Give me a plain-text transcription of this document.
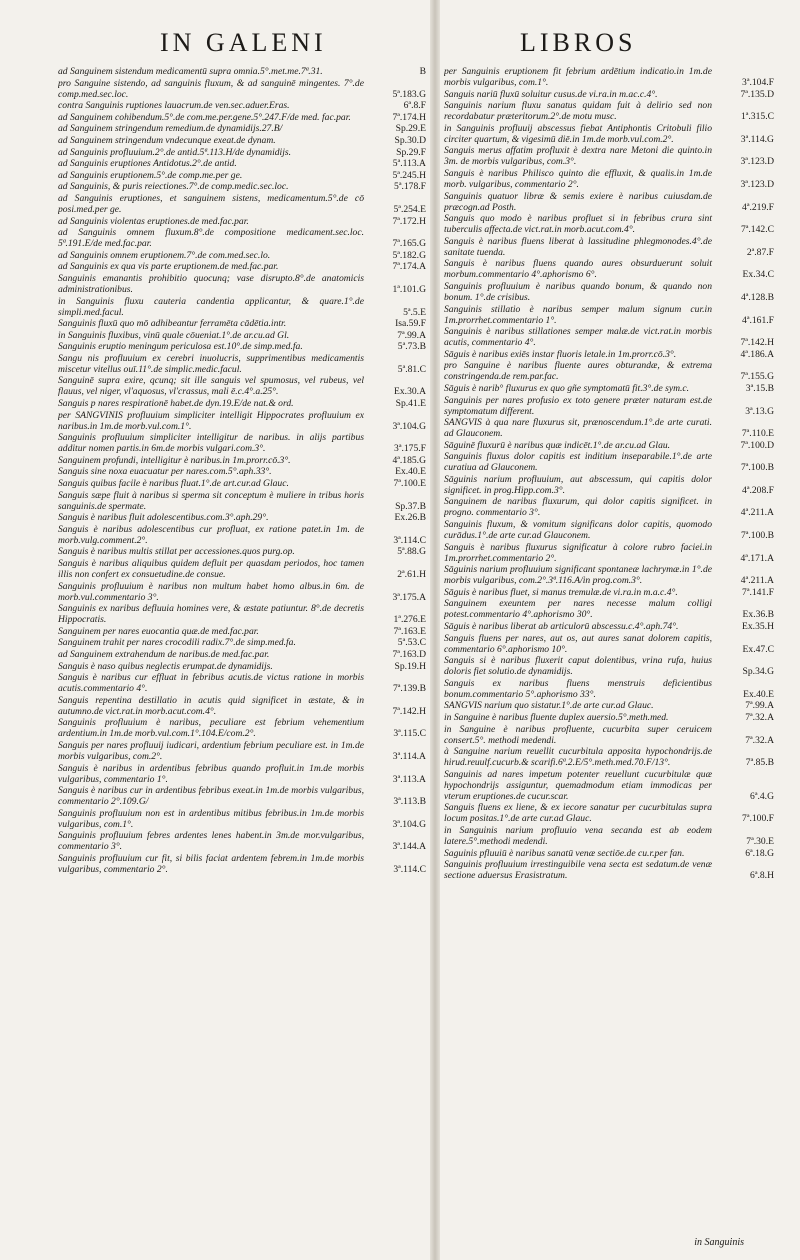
IN GALENI	LIBROS
ad Sanguinem sistendum medicamentū supra omnia.5°.met.me.7ª.31.	B
pro Sanguine sistendo, ad sanguinis fluxum, & ad sanguinē mingentes. 7°.de comp.med.sec.loc.	5ª.183.G
contra Sanguinis ruptiones lauacrum.de ven.sec.aduer.Eras.	6ª.8.F
ad Sanguinem cohibendum.5°.de com.me.per.gene.5°.247.F/de med. fac.par.	7ª.174.H
ad Sanguinem stringendum remedium.de dynamidijs.27.B/	Sp.29.E
ad Sanguinem stringendum vndecunque exeat.de dynam.	Sp.30.D
ad Sanguinis profluuium.2°.de antid.5ª.113.H/de dynamidijs.	Sp.29.F
ad Sanguinis eruptiones Antidotus.2°.de antid.	5ª.113.A
ad Sanguinis eruptionem.5°.de comp.me.per ge.	5ª.245.H
ad Sanguinis, & puris reiectiones.7°.de comp.medic.sec.loc.	5ª.178.F
ad Sanguinis eruptiones, et sanguinem sistens, medicamentum.5°.de cō posi.med.per ge.	5ª.254.E
ad Sanguinis violentas eruptiones.de med.fac.par.	7ª.172.H
ad Sanguinis omnem fluxum.8°.de compositione medicament.sec.loc. 5ª.191.E/de med.fac.par.	7ª.165.G
ad Sanguinis omnem eruptionem.7°.de com.med.sec.lo.	5ª.182.G
ad Sanguinis ex qua vis parte eruptionem.de med.fac.par.	7ª.174.A
Sanguinis emanantis prohibitio quocunq; vase disrupto.8°.de anatomicis administrationibus.	1ª.101.G
in Sanguinis fluxu cauteria candentia applicantur, & quare.1°.de simpli.med.facul.	5ª.5.E
Sanguinis fluxū quo mō adhibeantur ferramēta cādētia.intr.	Isa.59.F
in Sanguinis fluxibus, vinū quale cōueniat.1°.de ar.cu.ad Gl.	7ª.99.A
Sanguinis eruptio meningum periculosa est.10°.de simp.med.fa.	5ª.73.B
Sangu nis profluuium ex cerebri inuolucris, supprimentibus medicamentis miscetur vitellus ouī.11°.de simplic.medic.facul.	5ª.81.C
Sanguinē supra exire, qcunq; sit ille sanguis vel spumosus, vel rubeus, vel flauus, vel niger, vl'aquosus, vl'crassus, mali ē.c.4°.a.25°.	Ex.30.A
Sanguis p nares respirationē habet.de dyn.19.E/de nat.& ord.	Sp.41.E
per SANGVINIS profluuium simpliciter intelligit Hippocrates profluuium ex naribus.in 1m.de morb.vul.com.1°.	3ª.104.G
Sanguinis profluuium simpliciter intelligitur de naribus. in alijs partibus additur nomen partis.in 6m.de morbis vulgari.com.3°.	3ª.175.F
Sanguinem profundi, intelligitur è naribus.in 1m.prorr.cō.3°.	4ª.185.G
Sanguis sine noxa euacuatur per nares.com.5°.aph.33°.	Ex.40.E
Sanguis quibus facile è naribus fluat.1°.de art.cur.ad Glauc.	7ª.100.E
Sanguis sæpe fluit à naribus si sperma sit conceptum è muliere in tribus horis sanguinis.de spermate.	Sp.37.B
Sanguis è naribus fluit adolescentibus.com.3°.aph.29°.	Ex.26.B
Sanguis è naribus adolescentibus cur profluat, ex ratione patet.in 1m. de morb.vulg.comment.2°.	3ª.114.C
Sanguis è naribus multis stillat per accessiones.quos purg.op.	5ª.88.G
Sanguis è naribus aliquibus quidem defluit per quasdam periodos, hoc tamen illis non confert ex consuetudine.de consue.	2ª.61.H
Sanguinis profluuium è naribus non multum habet homo albus.in 6m. de morb.vul.commentario 3°.	3ª.175.A
Sanguinis ex naribus defluuia homines vere, & æstate patiuntur. 8°.de decretis Hippocratis.	1ª.276.E
Sanguinem per nares euocantia quæ.de med.fac.par.	7ª.163.E
Sanguinem trahit per nares crocodili radix.7°.de simp.med.fa.	5ª.53.C
ad Sanguinem extrahendum de naribus.de med.fac.par.	7ª.163.D
Sanguis è naso quibus neglectis erumpat.de dynamidijs.	Sp.19.H
Sanguis è naribus cur effluat in febribus acutis.de victus ratione in morbis acutis.commentario 4°.	7ª.139.B
Sanguis repentina destillatio in acutis quid significet in æstate, & in autumno.de vict.rat.in morb.acut.com.4°.	7ª.142.H
Sanguinis profluuium è naribus, peculiare est febrium vehementium ardentium.in 1m.de morb.vul.com.1°.104.E/com.2°.	3ª.115.C
Sanguis per nares profluuij iudicari, ardentium febrium peculiare est. in 1m.de morbis vulgaribus, com.2°.	3ª.114.A
Sanguis è naribus in ardentibus febribus quando profluit.in 1m.de morbis vulgaribus, commentario 1°.	3ª.113.A
Sanguis è naribus cur in ardentibus febribus exeat.in 1m.de morbis vulgaribus, commentario 2°.109.G/	3ª.113.B
Sanguinis profluuium non est in ardentibus mitibus febribus.in 1m.de morbis vulgaribus, com.1°.	3ª.104.G
Sanguinis profluuium febres ardentes lenes habent.in 3m.de mor.vulgaribus, commentario 3°.	3ª.144.A
Sanguinis profluuium cur fit, si bilis faciat ardentem febrem.in 1m.de morbis vulgaribus, commentario 2°.	3ª.114.C
per Sanguinis eruptionem fit febrium ardētium indicatio.in 1m.de morbis vulgaribus, com.1°.	3ª.104.F
Sanguis nariū fluxū soluitur cusus.de vi.ra.in m.ac.c.4°.	7ª.135.D
Sanguinis narium fluxu sanatus quidam fuit à delirio sed non recordabatur præteritorum.2°.de motu musc.	1ª.315.C
in Sanguinis profluuij abscessus fiebat Antiphontis Critobuli filio circiter quartum, & vigesimū diē.in 1m.de morb.vul.com.2°.	3ª.114.G
Sanguis merus affatim profluxit è dextra nare Metoni die quinto.in 3m. de morbis vulgaribus, com.3°.	3ª.123.D
Sanguis è naribus Philisco quinto die effluxit, & qualis.in 1m.de morb. vulgaribus, commentario 2°.	3ª.123.D
Sanguinis quatuor libræ & semis exiere è naribus cuiusdam.de præcogn.ad Posth.	4ª.219.F
Sanguis quo modo è naribus profluet si in febribus crura sint tuberculis affecta.de vict.rat.in morb.acut.com.4°.	7ª.142.C
Sanguis è naribus fluens liberat à lassitudine phlegmonodes.4°.de sanitate tuenda.	2ª.87.F
Sanguis è naribus fluens quando aures obsurduerunt soluit morbum.commentario 4°.aphorismo 6°.	Ex.34.C
Sanguinis profluuium è naribus quando bonum, & quando non bonum. 1°.de crisibus.	4ª.128.B
Sanguinis stillatio è naribus semper malum signum cur.in 1m.prorrhet.commentario 1°.	4ª.161.F
Sanguinis è naribus stillationes semper malæ.de vict.rat.in morbis acutis, commentario 4°.	7ª.142.H
Sāguis è naribus exiēs instar fluoris letale.in 1m.prorr.cō.3°.	4ª.186.A
pro Sanguine è naribus fluente aures obturandæ, & extrema constringenda.de rem.par.fac.	7ª.155.G
Sāguis è narib° fluxurus ex quo gñe symptomatū fit.3°.de sym.c.	3ª.15.B
Sanguinis per nares profusio ex toto genere præter naturam est.de symptomatum different.	3ª.13.G
SANGVIS à qua nare fluxurus sit, prænoscendum.1°.de arte curati. ad Glauconem.	7ª.110.E
Sāguinē fluxurū è naribus quæ indicēt.1°.de ar.cu.ad Glau.	7ª.100.D
Sanguinis fluxus dolor capitis est inditium inseparabile.1°.de arte curatiua ad Glauconem.	7ª.100.B
Sāguinis narium profluuium, aut abscessum, qui capitis dolor significet. in prog.Hipp.com.3°.	4ª.208.F
Sanguinem de naribus fluxurum, qui dolor capitis significet. in progno. commentario 3°.	4ª.211.A
Sanguinis fluxum, & vomitum significans dolor capitis, quomodo curādus.1°.de arte cur.ad Glauconem.	7ª.100.B
Sanguis è naribus fluxurus significatur à colore rubro faciei.in 1m.prorrhet.commentario 2°.	4ª.171.A
Sāguinis narium profluuium significant spontaneæ lachrymæ.in 1°.de morbis vulgaribus, com.2°.3ª.116.A/in prog.com.3°.	4ª.211.A
Sāguis è naribus fluet, si manus tremulæ.de vi.ra.in m.a.c.4°.	7ª.141.F
Sanguinem exeuntem per nares necesse malum colligi potest.commentario 4°.aphorismo 30°.	Ex.36.B
Sāguis è naribus liberat ab articulorū abscessu.c.4°.aph.74°.	Ex.35.H
Sanguis fluens per nares, aut os, aut aures sanat dolorem capitis, commentario 6°.aphorismo 10°.	Ex.47.C
Sanguis si è naribus fluxerit caput dolentibus, vrina rufa, huius doloris fiet solutio.de dynamidijs.	Sp.34.G
Sanguis ex naribus fluens menstruis deficientibus bonum.commentario 5°.aphorismo 33°.	Ex.40.E
SANGVIS narium quo sistatur.1°.de arte cur.ad Glauc.	7ª.99.A
in Sanguine è naribus fluente duplex auersio.5°.meth.med.	7ª.32.A
in Sanguine è naribus profluente, cucurbita super ceruicem consert.5°. methodi medendi.	7ª.32.A
à Sanguine narium reuellit cucurbitula apposita hypochondrijs.de hirud.reuulf.cucurb.& scarifi.6ª.2.E/5°.meth.med.70.F/13°.	7ª.85.B
Sanguinis ad nares impetum potenter reuellunt cucurbitulæ quæ hypochondrijs assiguntur, quemadmodum etiam immodicas per vterum eruptiones.de cucur.scar.	6ª.4.G
Sanguis fluens ex liene, & ex iecore sanatur per cucurbitulas supra locum positas.1°.de arte cur.ad Glauc.	7ª.100.F
in Sanguinis narium profluuio vena secanda est ab eodem latere.5°.methodi medendi.	7ª.30.E
Saguinis pfluuiū è naribus sanatū venæ sectiōe.de cu.r.per fan.	6ª.18.G
Sanguinis profluuium irrestinguibile vena secta est sedatum.de venæ sectione aduersus Erasistratum.	6ª.8.H
in Sanguinis
